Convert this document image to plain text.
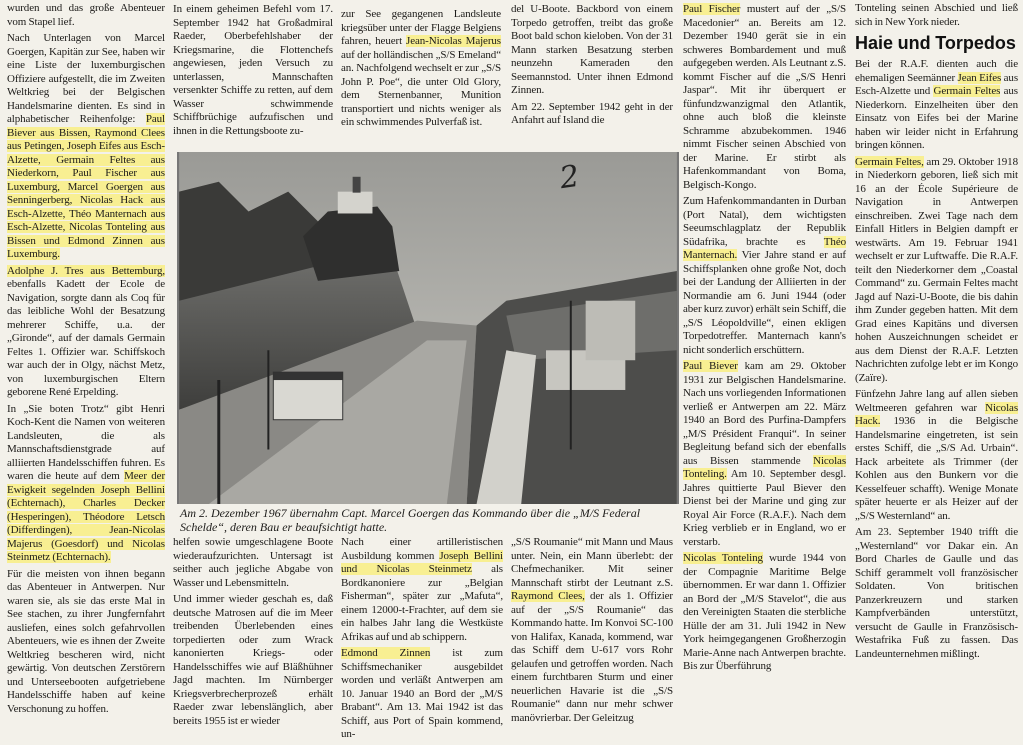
wurden und das große Abenteuer vom Stapel lief.

Nach Unterlagen von Marcel Goergen, Kapitän zur See, haben wir eine Liste der luxemburgischen Offiziere aufgestellt, die im Zweiten Weltkrieg bei der Belgischen Handelsmarine dienten. Es sind in alphabetischer Reihenfolge: Paul Biever aus Bissen, Raymond Clees aus Petingen, Joseph Eifes aus Esch-Alzette, Germain Feltes aus Niederkorn, Paul Fischer aus Luxemburg, Marcel Goergen aus Senningerberg, Nicolas Hack aus Esch-Alzette, Théo Manternach aus Esch-Alzette, Nicolas Tonteling aus Bissen und Edmond Zinnen aus Luxemburg.

Adolphe J. Tres aus Bettemburg, ebenfalls Kadett der Ecole de Navigation, sorgte dann als Coq für das leibliche Wohl der Besatzung mehrerer Schiffe, u.a. der „Gironde“, auf der damals Germain Feltes 1. Offizier war. Schiffskoch war auch der in Olgy, nächst Metz, von luxemburgischen Eltern geborene René Erpelding.

In „Sie boten Trotz“ gibt Henri Koch-Kent die Namen von weiteren Landsleuten, die als Mannschaftsdienstgrade auf alliierten Handelsschiffen fuhren. Es waren die heute auf dem Meer der Ewigkeit segelnden Joseph Bellini (Echternach), Charles Decker (Hesperingen), Théodore Letsch (Differdingen), Jean-Nicolas Majerus (Goesdorf) und Nicolas Steinmetz (Echternach).

Für die meisten von ihnen begann das Abenteuer in Antwerpen. Nur waren sie, als sie das erste Mal in See stachen, zu ihrer Jungfernfahrt ausliefen, eines solch gefahrvollen Abenteuers, wie es ihnen der Zweite Weltkrieg bescheren wird, nicht gewärtig. Von deutschen Zerstörern und Unterseebooten aufgetriebene Handelsschiffe haben auf keine Verschonung zu hoffen.

In einem geheimen Befehl vom 17. September 1942 hat Großadmiral Raeder, Oberbefehlshaber der Kriegsmarine, die Flottenchefs angewiesen, jeden Versuch zu unterlassen, Mannschaften versenkter Schiffe zu retten, auf dem Wasser schwimmende Schiffbrüchige aufzufischen und ihnen in die Rettungsboote zu-

zur See gegangenen Landsleute kriegsüber unter der Flagge Belgiens fahren, heuert Jean-Nicolas Majerus auf der holländischen „S/S Emeland“ an. Nachfolgend wechselt er zur „S/S John P. Poe“, die unter Old Glory, dem Sternenbanner, Munition transportiert und nichts weniger als ein schwimmendes Pulverfaß ist.

del U-Boote. Backbord von einem Torpedo getroffen, treibt das große Boot bald schon kieloben. Von der 31 Mann starken Besatzung sterben neunzehn Kameraden den Seemannstod. Unter ihnen Edmond Zinnen.

Am 22. September 1942 geht in der Anfahrt auf Island die

2
Am 2. Dezember 1967 übernahm Capt. Marcel Goergen das Kommando über die „M/S Federal Schelde“, deren Bau er beaufsichtigt hatte.

helfen sowie umgeschlagene Boote wiederaufzurichten. Untersagt ist seither auch jegliche Abgabe von Wasser und Lebensmitteln.

Und immer wieder geschah es, daß deutsche Matrosen auf die im Meer treibenden Überlebenden eines torpedierten oder zum Wrack kanonierten Kriegs- oder Handelsschiffes wie auf Bläßhühner Jagd machten. Im Nürnberger Kriegsverbrecherprozeß erhält Raeder zwar lebenslänglich, aber bereits 1955 ist er wieder

Nach einer artilleristischen Ausbildung kommen Joseph Bellini und Nicolas Steinmetz als Bordkanoniere zur „Belgian Fisherman“, später zur „Mafuta“, einem 12000-t-Frachter, auf dem sie ein halbes Jahr lang die Westküste Afrikas auf und ab schippern.

Edmond Zinnen ist zum Schiffsmechaniker ausgebildet worden und verläßt Antwerpen am 10. Januar 1940 an Bord der „M/S Brabant“. Am 13. Mai 1942 ist das Schiff, aus Port of Spain kommend, un-

„S/S Roumanie“ mit Mann und Maus unter. Nein, ein Mann überlebt: der Chefmechaniker. Mit seiner Mannschaft stirbt der Leutnant z.S. Raymond Clees, der als 1. Offizier auf der „S/S Roumanie“ das Kommando hatte. Im Konvoi SC-100 von Halifax, Kanada, kommend, war das Schiff dem U-617 vors Rohr gelaufen und getroffen worden. Nach einem furchtbaren Sturm und einer neuerlichen Havarie ist die „S/S Roumanie“ dann nur mehr schwer manövrierbar. Der Geleitzug

Paul Fischer mustert auf der „S/S Macedonier“ an. Bereits am 12. Dezember 1940 gerät sie in ein schweres Bombardement und muß aufgegeben werden. Als Leutnant z.S. kommt Fischer auf die „S/S Henri Jaspar“. Mit ihr überquert er fünfundzwanzigmal den Atlantik, ohne auch bloß die kleinste Schramme abzubekommen. 1946 nimmt Fischer seinen Abschied von der Marine. Er stirbt als Hafenkommandant von Boma, Belgisch-Kongo.

Zum Hafenkommandanten in Durban (Port Natal), dem wichtigsten Seeumschlagplatz der Republik Südafrika, brachte es Théo Manternach. Vier Jahre stand er auf Schiffsplanken ohne große Not, doch bei der Landung der Alliierten in der Normandie am 6. Juni 1944 (oder aber kurz zuvor) erhält sein Schiff, die „S/S Léopoldville“, einen ekligen Torpedotreffer. Manternach kann's nicht sonderlich erschüttern.

Paul Biever kam am 29. Oktober 1931 zur Belgischen Handelsmarine. Nach uns vorliegenden Informationen verließ er Antwerpen am 22. März 1940 an Bord des Purfina-Dampfers „M/S Président Franqui“. In seiner Begleitung befand sich der ebenfalls aus Bissen stammende Nicolas Tonteling. Am 10. September desgl. Jahres quittierte Paul Biever den Dienst bei der Marine und ging zur Royal Air Force (R.A.F.). Nach dem Krieg verblieb er in England, wo er verstarb.

Nicolas Tonteling wurde 1944 von der Compagnie Maritime Belge übernommen. Er war dann 1. Offizier an Bord der „M/S Stavelot“, die aus den Vereinigten Staaten die sterbliche Hülle der am 31. Juli 1942 in New York heimgegangenen Großherzogin Marie-Anne nach Antwerpen brachte. Bis zur Überführung

Tonteling seinen Abschied und ließ sich in New York nieder.

Haie und Torpedos

Bei der R.A.F. dienten auch die ehemaligen Seemänner Jean Eifes aus Esch-Alzette und Germain Feltes aus Niederkorn. Einzelheiten über den Einsatz von Eifes bei der Marine haben wir leider nicht in Erfahrung bringen können.

Germain Feltes, am 29. Oktober 1918 in Niederkorn geboren, ließ sich mit 16 an der École Supérieure de Navigation in Antwerpen einschreiben. Zwei Tage nach dem Einfall Hitlers in Belgien dampft er westwärts. Am 19. Februar 1941 wechselt er zur Luftwaffe. Die R.A.F. teilt den Niederkorner dem „Coastal Command“ zu. Germain Feltes macht Jagd auf Nazi-U-Boote, die bis dahin ihm Zunder gegeben hatten. Mit dem Grad eines Kapitäns und diversen hohen Auszeichnungen scheidet er aus dem Dienst der R.A.F. Letzten Nachrichten zufolge lebt er im Kongo (Zaïre).

Fünfzehn Jahre lang auf allen sieben Weltmeeren gefahren war Nicolas Hack. 1936 in die Belgische Handelsmarine eingetreten, ist sein erstes Schiff, die „S/S Ad. Urbain“. Hack arbeitete als Trimmer (der Kohlen aus den Bunkern vor die Kesselfeuer schafft). Wenige Monate später heuerte er als Heizer auf der „S/S Westernland“ an.

Am 23. September 1940 trifft die „Westernland“ vor Dakar ein. An Bord Charles de Gaulle und das Schiff gerammelt voll französischer Soldaten. Von britischen Panzerkreuzern und starken Kampfverbänden unterstützt, versucht de Gaulle in Französisch-Westafrika Fuß zu fassen. Das Landeunternehmen mißlingt.
